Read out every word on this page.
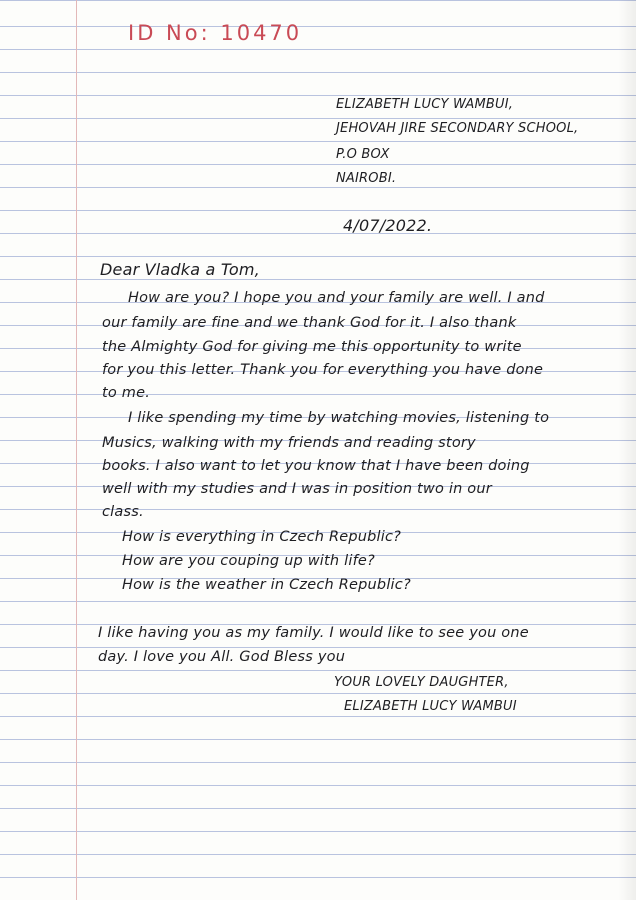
ID No: 10470
ELIZABETH LUCY WAMBUI,
JEHOVAH JIRE SECONDARY SCHOOL,
P.O BOX
NAIROBI.
4/07/2022.
Dear Vladka a Tom,
How are you? I hope you and your family are well. I and
our family are fine and we thank God for it. I also thank
the Almighty God for giving me this opportunity to write
for you this letter. Thank you for everything you have done
to me.
I like spending my time by watching movies, listening to
Musics, walking with my friends and reading story
books. I also want to let you know that I have been doing
well with my studies and I was in position two in our
class.
How is everything in Czech Republic?
How are you couping up with life?
How is the weather in Czech Republic?
I like having you as my family. I would like to see you one
day. I love you All. God Bless you
YOUR LOVELY DAUGHTER,
ELIZABETH LUCY WAMBUI
